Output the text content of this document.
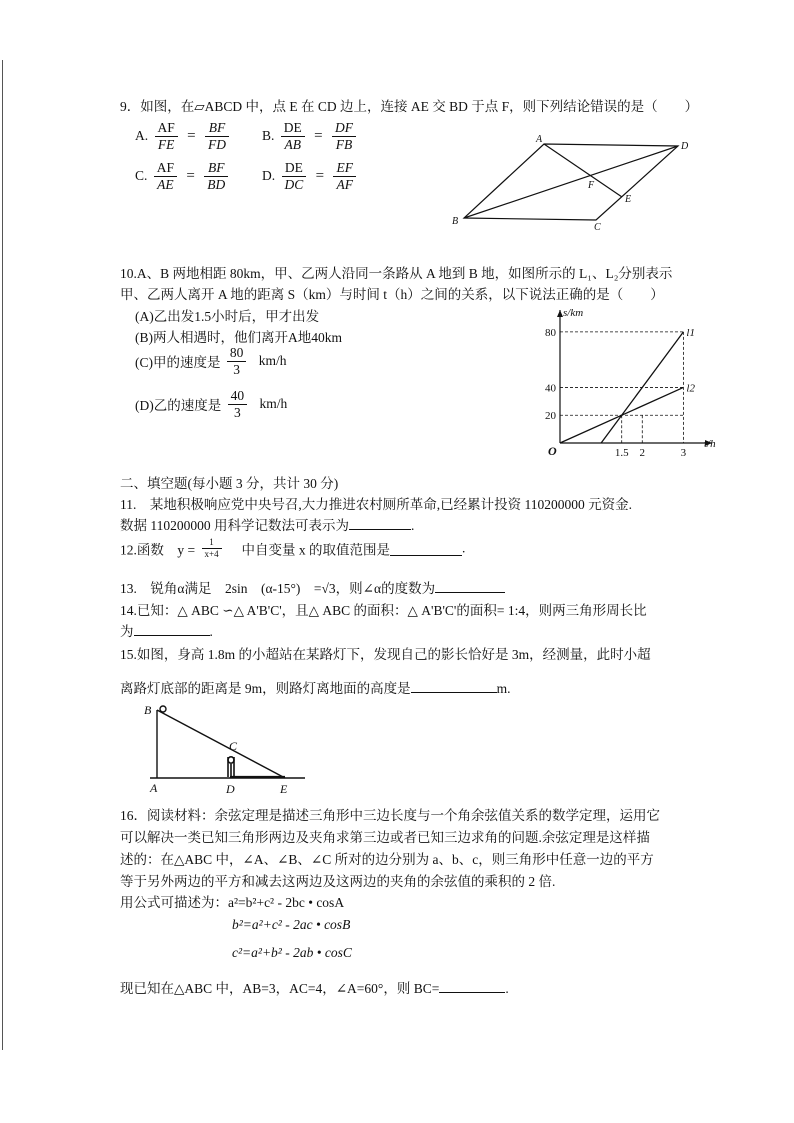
9．如图，在▱ABCD 中，点 E 在 CD 边上，连接 AE 交 BD 于点 F，则下列结论错误的是（　　）
A. $\frac{AF}{FE} = \frac{BF}{FD} B$. $\frac{DE}{AB} = \frac{DF}{FB}$
C. $\frac{AF}{AE} = \frac{BF}{BD}$	D. $\frac{DE}{DC} = \frac{EF}{AF}$
A
D
F
E
B
C
10.A、B 两地相距 80km，甲、乙两人沿同一条路从 A 地到 B 地，如图所示的 L₁、L₂分别表示
甲、乙两人离开 A 地的距离 S（km）与时间 t（h）之间的关系，以下说法正确的是（　　）
(A)乙出发1.5小时后，甲才出发
(B)两人相遇时，他们离开A地40km
(C)甲的速度是 $\frac{80}{3} km/h$
(D)乙的速度是 $\frac{40}{3} km/h$
l1
l2
20
40
80
1.5 2	3
O
s/km
t/h
二、填空题(每小题 3 分，共计 30 分)
11.　某地积极响应党中央号召,大力推进农村厕所革命,已经累计投资 110200000 元资金.
数据 110200000 用科学记数法可表示为	.
12.函数　$y = \frac{1}{x+4}$ 　中自变量 x 的取值范围是	.
13.　锐角α满足　2sin　(α-15°)　=√3，则∠α的度数为
14.已知：△ ABC ∽△ A'B'C'，且△ ABC 的面积：△ A'B'C'的面积= 1:4，则两三角形周长比
为	.
15.如图，身高 1.8m 的小超站在某路灯下，发现自己的影长恰好是 3m，经测量，此时小超
离路灯底部的距离是 9m，则路灯离地面的高度是	m.
B
C
A	D	E
16．阅读材料：余弦定理是描述三角形中三边长度与一个角余弦值关系的数学定理，运用它
可以解决一类已知三角形两边及夹角求第三边或者已知三边求角的问题.余弦定理是这样描
述的：在△ABC 中，∠A、∠B、∠C 所对的边分别为 a、b、c，则三角形中任意一边的平方
等于另外两边的平方和减去这两边及这两边的夹角的余弦值的乘积的 2 倍.
用公式可描述为：a²=b²+c² - 2bc • cosA
b²=a²+c² - 2ac • cosB
c²=a²+b² - 2ab • cosC
现已知在△ABC 中，AB=3，AC=4，∠A=60°，则 BC=	.
